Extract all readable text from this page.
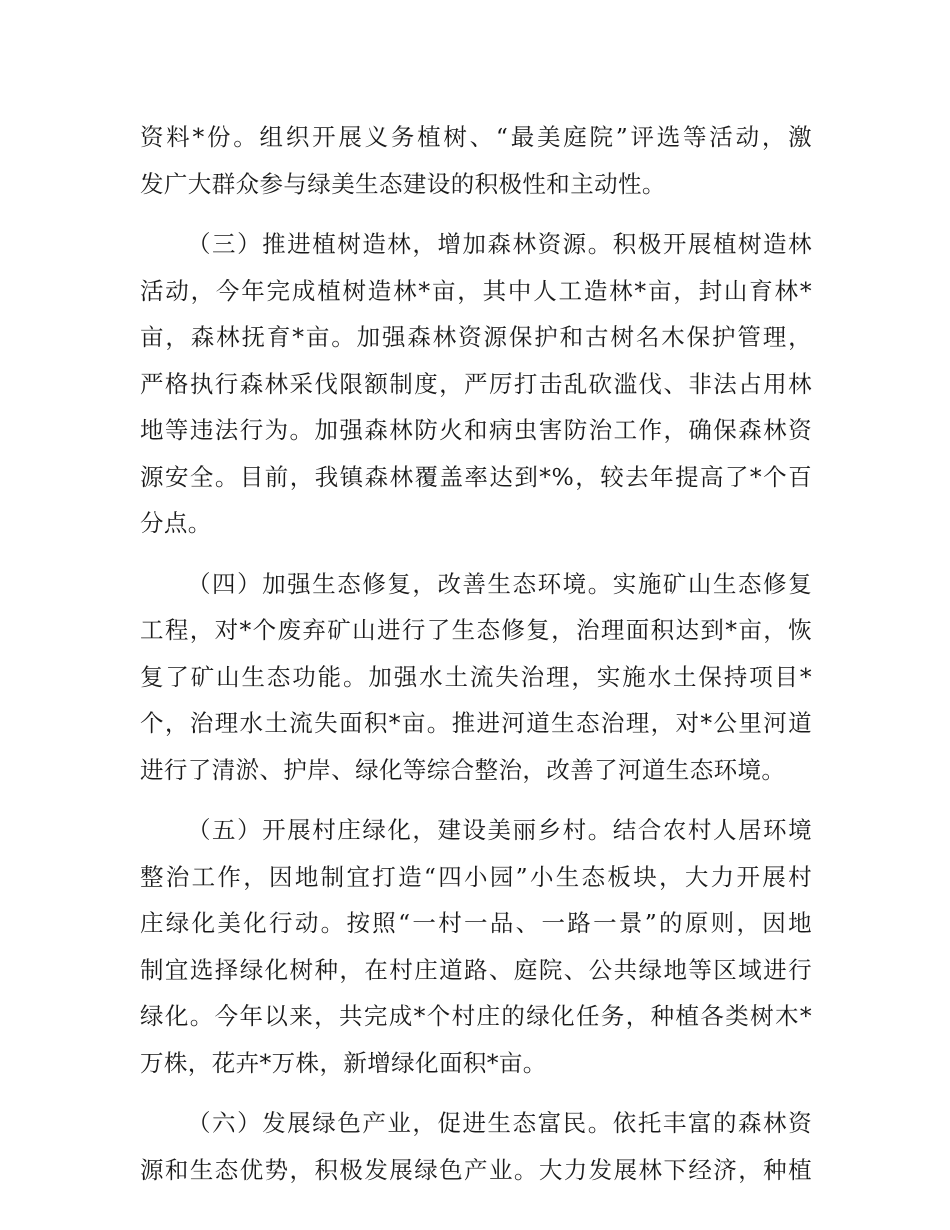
资料*份。组织开展义务植树、“最美庭院”评选等活动，激
发广大群众参与绿美生态建设的积极性和主动性。
（三）推进植树造林，增加森林资源。积极开展植树造林
活动，今年完成植树造林*亩，其中人工造林*亩，封山育林*
亩，森林抚育*亩。加强森林资源保护和古树名木保护管理，
严格执行森林采伐限额制度，严厉打击乱砍滥伐、非法占用林
地等违法行为。加强森林防火和病虫害防治工作，确保森林资
源安全。目前，我镇森林覆盖率达到*%，较去年提高了*个百
分点。
（四）加强生态修复，改善生态环境。实施矿山生态修复
工程，对*个废弃矿山进行了生态修复，治理面积达到*亩，恢
复了矿山生态功能。加强水土流失治理，实施水土保持项目*
个，治理水土流失面积*亩。推进河道生态治理，对*公里河道
进行了清淤、护岸、绿化等综合整治，改善了河道生态环境。
（五）开展村庄绿化，建设美丽乡村。结合农村人居环境
整治工作，因地制宜打造“四小园”小生态板块，大力开展村
庄绿化美化行动。按照“一村一品、一路一景”的原则，因地
制宜选择绿化树种，在村庄道路、庭院、公共绿地等区域进行
绿化。今年以来，共完成*个村庄的绿化任务，种植各类树木*
万株，花卉*万株，新增绿化面积*亩。
（六）发展绿色产业，促进生态富民。依托丰富的森林资
源和生态优势，积极发展绿色产业。大力发展林下经济，种植
